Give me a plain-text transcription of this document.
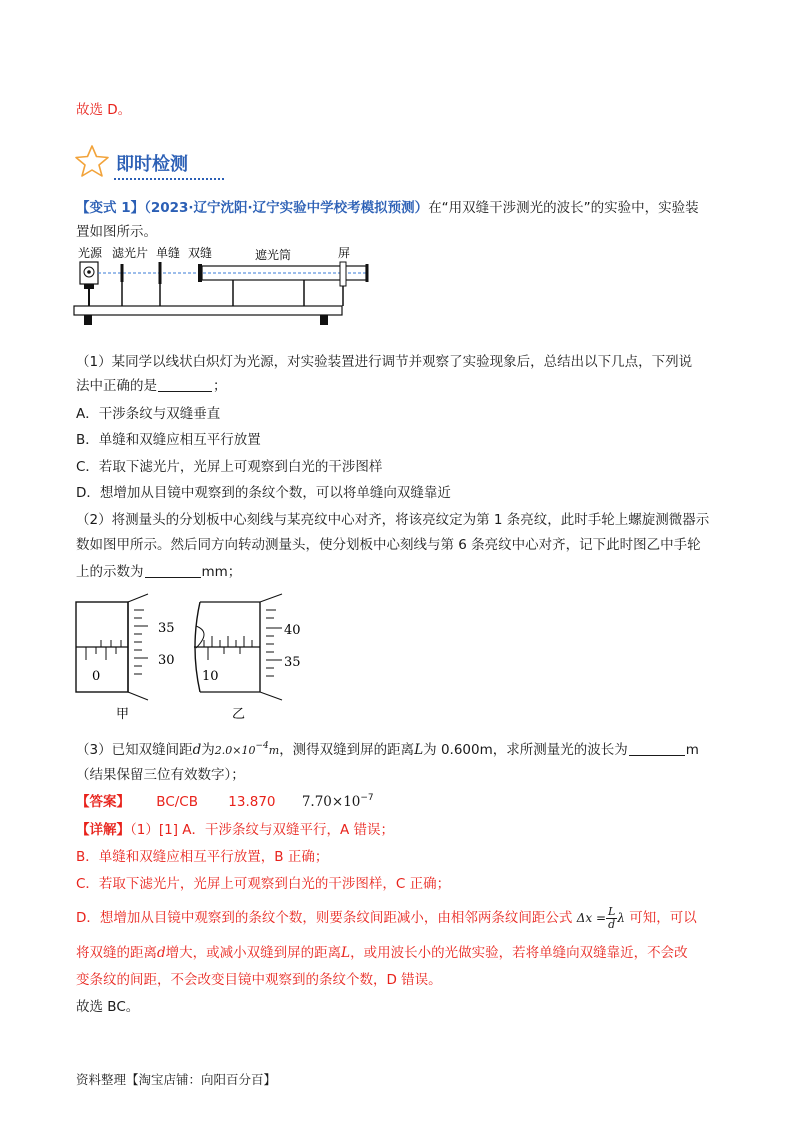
故选 D。
即时检测
【变式 1】（2023·辽宁沈阳·辽宁实验中学校考模拟预测）在“用双缝干涉测光的波长”的实验中，实验装
置如图所示。
光源 滤光片 单缝 双缝	遮光筒	屏
（1）某同学以线状白炽灯为光源，对实验装置进行调节并观察了实验现象后，总结出以下几点，下列说
法中正确的是	；
A．干涉条纹与双缝垂直
B．单缝和双缝应相互平行放置
C．若取下滤光片，光屏上可观察到白光的干涉图样
D．想增加从目镜中观察到的条纹个数，可以将单缝向双缝靠近
（2）将测量头的分划板中心刻线与某亮纹中心对齐，将该亮纹定为第 1 条亮纹，此时手轮上螺旋测微器示
数如图甲所示。然后同方向转动测量头，使分划板中心刻线与第 6 条亮纹中心对齐，记下此时图乙中手轮
上的示数为	mm；
0
35
30
甲
10
40
35
乙
（3）已知双缝间距d为$2.0\times 10^{-4}m$，测得双缝到屏的距离L为 0.600m，求所测量光的波长为	m
（结果保留三位有效数字）；
【答案】 BC/CB 13.870 $7.70\times 10^{-7}$
【详解】（1）[1] A．干涉条纹与双缝平行，A 错误；
B．单缝和双缝应相互平行放置，B 正确；
C．若取下滤光片，光屏上可观察到白光的干涉图样，C 正确；
D．想增加从目镜中观察到的条纹个数，则要条纹间距减小，由相邻两条纹间距公式 $\Delta x = \frac{L}{d}$ λ 可知，可以
将双缝的距离d增大，或减小双缝到屏的距离L，或用波长小的光做实验，若将单缝向双缝靠近，不会改
变条纹的间距，不会改变目镜中观察到的条纹个数，D 错误。
故选 BC。
资料整理【淘宝店铺：向阳百分百】
